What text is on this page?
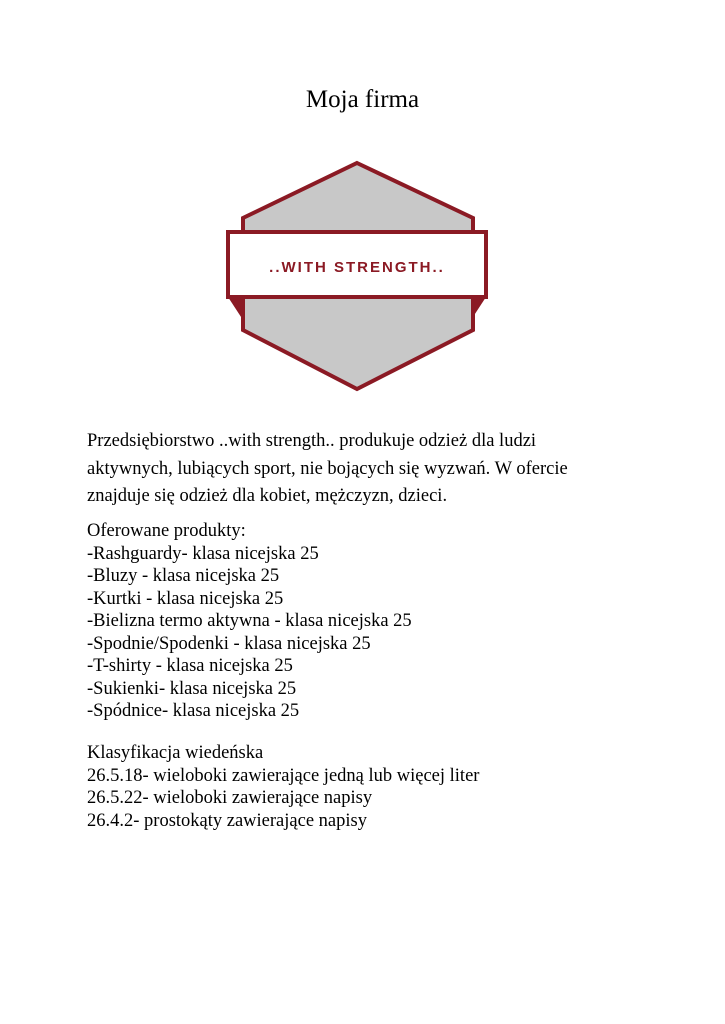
Moja firma
..WITH STRENGTH..
Przedsiębiorstwo ..with strength.. produkuje odzież dla ludzi
aktywnych, lubiących sport, nie bojących się wyzwań. W ofercie
znajduje się odzież dla kobiet, mężczyzn, dzieci.
Oferowane produkty:
-Rashguardy- klasa nicejska 25
-Bluzy - klasa nicejska 25
-Kurtki - klasa nicejska 25
-Bielizna termo aktywna - klasa nicejska 25
-Spodnie/Spodenki - klasa nicejska 25
-T-shirty - klasa nicejska 25
-Sukienki- klasa nicejska 25
-Spódnice- klasa nicejska 25
Klasyfikacja wiedeńska
26.5.18- wieloboki zawierające jedną lub więcej liter
26.5.22- wieloboki zawierające napisy
26.4.2- prostokąty zawierające napisy
